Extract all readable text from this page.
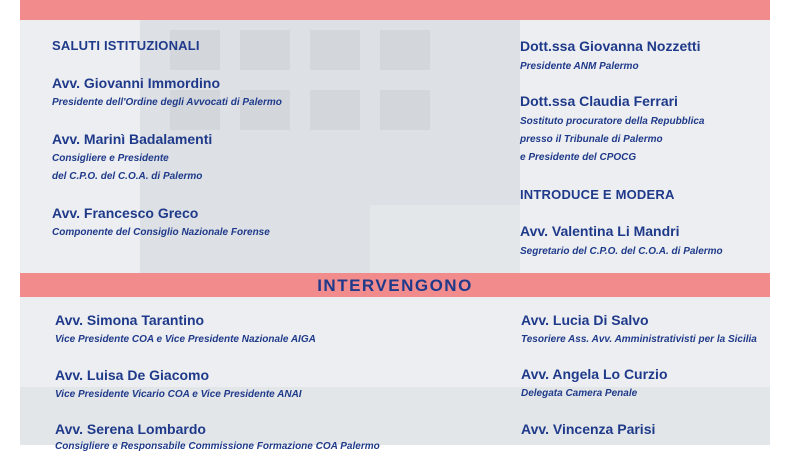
INTERVENGONO
SALUTI ISTITUZIONALI
Avv. Giovanni Immordino
Presidente dell'Ordine degli Avvocati di Palermo
Avv. Marinì Badalamenti
Consigliere e Presidente
del C.P.O. del C.O.A. di Palermo
Avv. Francesco Greco
Componente del Consiglio Nazionale Forense
Dott.ssa Giovanna Nozzetti
Presidente ANM Palermo
Dott.ssa Claudia Ferrari
Sostituto procuratore della Repubblica
presso il Tribunale di Palermo
e Presidente del CPOCG
INTRODUCE E MODERA
Avv. Valentina Li Mandri
Segretario del C.P.O. del C.O.A. di Palermo
Avv. Simona Tarantino
Vice Presidente COA e Vice Presidente Nazionale AIGA
Avv. Luisa De Giacomo
Vice Presidente Vicario COA e Vice Presidente ANAI
Avv. Serena Lombardo
Consigliere e Responsabile Commissione Formazione COA Palermo
Avv. Lucia Di Salvo
Tesoriere Ass. Avv. Amministrativisti per la Sicilia
Avv. Angela Lo Curzio
Delegata Camera Penale
Avv. Vincenza Parisi
